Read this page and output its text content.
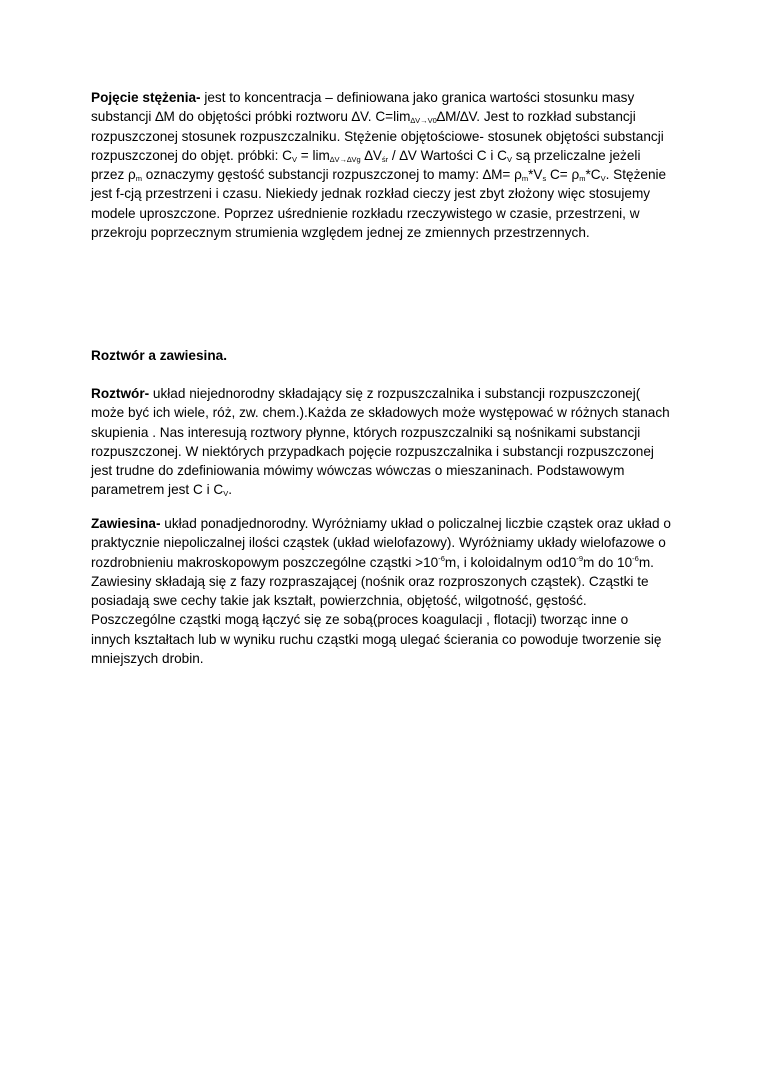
Pojęcie stężenia- jest to koncentracja – definiowana jako granica wartości stosunku masy substancji ∆M do objętości próbki roztworu ∆V. $C=\lim_{\Delta V\to V0}\Delta M/\Delta V$. Jest to rozkład substancji rozpuszczonej stosunek rozpuszczalniku. Stężenie objętościowe- stosunek objętości substancji rozpuszczonej do objęt. próbki: $C_V = \lim_{\Delta V\to\Delta Vg} \Delta V_{śr} / \Delta V$ Wartości C i $C_V$ są przeliczalne jeżeli przez $\rho_m$ oznaczymy gęstość substancji rozpuszczonej to mamy: $\Delta M= \rho_m*V_s$ $C= \rho_m*C_V$. Stężenie jest f-cją przestrzeni i czasu. Niekiedy jednak rozkład cieczy jest zbyt złożony więc stosujemy modele uproszczone. Poprzez uśrednienie rozkładu rzeczywistego w czasie, przestrzeni, w przekroju poprzecznym strumienia względem jednej ze zmiennych przestrzennych.

Roztwór a zawiesina.

Roztwór- układ niejednorodny składający się z rozpuszczalnika i substancji rozpuszczonej( może być ich wiele, róż, zw. chem.).Każda ze składowych może występować w różnych stanach skupienia . Nas interesują roztwory płynne, których rozpuszczalniki są nośnikami substancji rozpuszczonej. W niektórych przypadkach pojęcie rozpuszczalnika i substancji rozpuszczonej jest trudne do zdefiniowania mówimy wówczas wówczas o mieszaninach. Podstawowym parametrem jest C i $C_V$.

Zawiesina- układ ponadjednorodny. Wyróżniamy układ o policzalnej liczbie cząstek oraz układ o praktycznie niepoliczalnej ilości cząstek (układ wielofazowy). Wyróżniamy układy wielofazowe o rozdrobnieniu makroskopowym poszczególne cząstki $>10^{-6}m$, i koloidalnym $od10^{-9}m$ do $10^{-6}m$. Zawiesiny składają się z fazy rozpraszającej (nośnik oraz rozproszonych cząstek). Cząstki te posiadają swe cechy takie jak kształt, powierzchnia, objętość, wilgotność, gęstość. Poszczególne cząstki mogą łączyć się ze sobą(proces koagulacji , flotacji) tworząc inne o innych kształtach lub w wyniku ruchu cząstki mogą ulegać ścierania co powoduje tworzenie się mniejszych drobin.
